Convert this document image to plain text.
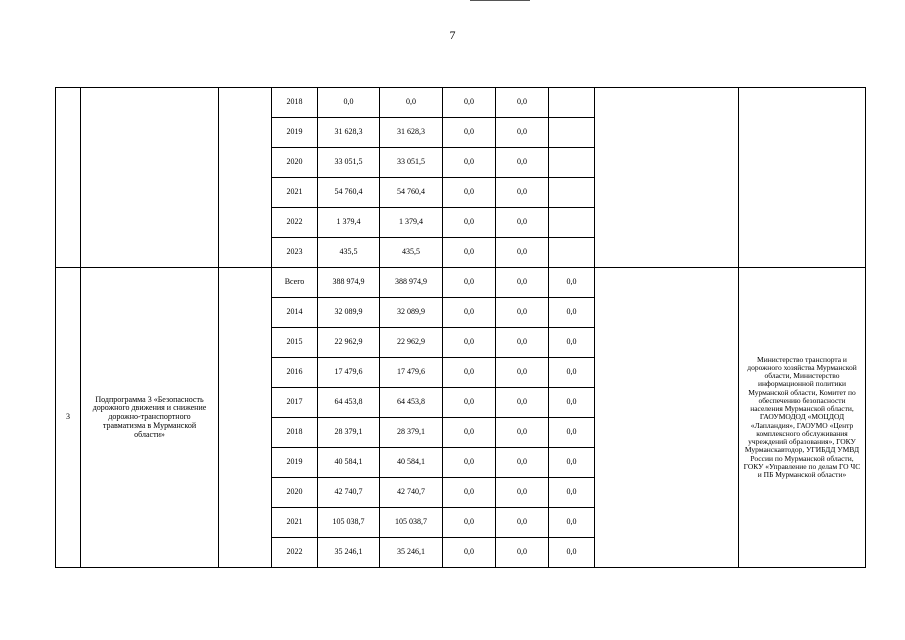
7
			2018	0,0	0,0	0,0	0,0			
			2019	31 628,3	31 628,3	0,0	0,0			
			2020	33 051,5	33 051,5	0,0	0,0			
			2021	54 760,4	54 760,4	0,0	0,0			
			2022	1 379,4	1 379,4	0,0	0,0			
			2023	435,5	435,5	0,0	0,0			
3	Подпрограмма 3 «Безопасность дорожного движения и снижение дорожно-транспортного травматизма в Мурманской области»		Всего	388 974,9	388 974,9	0,0	0,0	0,0		Министерство транспорта и дорожного хозяйства Мурманской области, Министерство информационной политики Мурманской области, Комитет по обеспечению безопасности населения Мурманской области, ГАОУМОДОД «МОЦДОД «Лапландия», ГАОУМО «Центр комплексного обслуживания учреждений образования», ГОКУ Мурманскавтодор, УГИБДД УМВД России по Мурманской области, ГОКУ «Управление по делам ГО ЧС и ПБ Мурманской области»
			2014	32 089,9	32 089,9	0,0	0,0	0,0		
			2015	22 962,9	22 962,9	0,0	0,0	0,0		
			2016	17 479,6	17 479,6	0,0	0,0	0,0		
			2017	64 453,8	64 453,8	0,0	0,0	0,0		
			2018	28 379,1	28 379,1	0,0	0,0	0,0		
			2019	40 584,1	40 584,1	0,0	0,0	0,0		
			2020	42 740,7	42 740,7	0,0	0,0	0,0		
			2021	105 038,7	105 038,7	0,0	0,0	0,0		
			2022	35 246,1	35 246,1	0,0	0,0	0,0		
